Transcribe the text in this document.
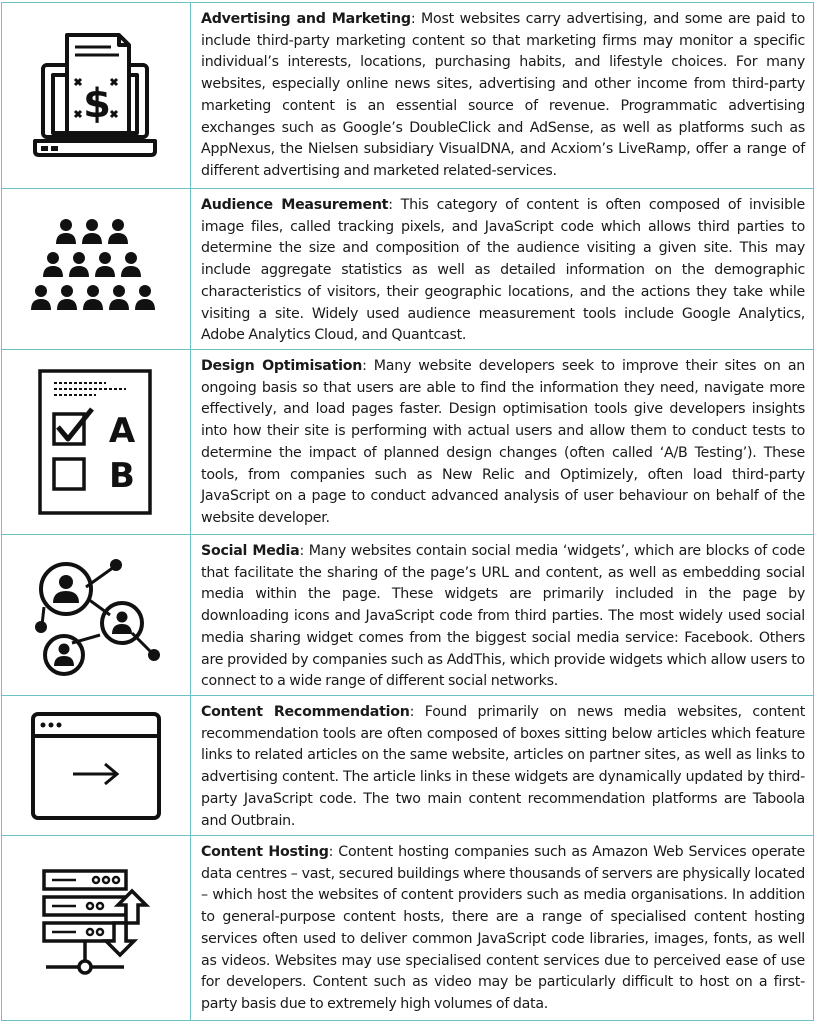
$
Advertising and Marketing: Most websites carry advertising, and some are paid to include third-party marketing content so that marketing firms may monitor a specific individual’s interests, locations, purchasing habits, and lifestyle choices. For many websites, especially online news sites, advertising and other income from third-party marketing content is an essential source of revenue. Programmatic advertising exchanges such as Google’s DoubleClick and AdSense, as well as platforms such as AppNexus, the Nielsen subsidiary VisualDNA, and Acxiom’s LiveRamp, offer a range of different advertising and marketed related-services.
Audience Measurement: This category of content is often composed of invisible image files, called tracking pixels, and JavaScript code which allows third parties to determine the size and composition of the audience visiting a given site. This may include aggregate statistics as well as detailed information on the demographic characteristics of visitors, their geographic locations, and the actions they take while visiting a site. Widely used audience measurement tools include Google Analytics, Adobe Analytics Cloud, and Quantcast.
A
B
Design Optimisation: Many website developers seek to improve their sites on an ongoing basis so that users are able to find the information they need, navigate more effectively, and load pages faster. Design optimisation tools give developers insights into how their site is performing with actual users and allow them to conduct tests to determine the impact of planned design changes (often called ‘A/B Testing’). These tools, from companies such as New Relic and Optimizely, often load third-party JavaScript on a page to conduct advanced analysis of user behaviour on behalf of the website developer.
Social Media: Many websites contain social media ‘widgets’, which are blocks of code that facilitate the sharing of the page’s URL and content, as well as embedding social media within the page. These widgets are primarily included in the page by downloading icons and JavaScript code from third parties. The most widely used social media sharing widget comes from the biggest social media service: Facebook. Others are provided by companies such as AddThis, which provide widgets which allow users to connect to a wide range of different social networks.
Content Recommendation: Found primarily on news media websites, content recommendation tools are often composed of boxes sitting below articles which feature links to related articles on the same website, articles on partner sites, as well as links to advertising content. The article links in these widgets are dynamically updated by third-party JavaScript code. The two main content recommendation platforms are Taboola and Outbrain.
Content Hosting: Content hosting companies such as Amazon Web Services operate data centres – vast, secured buildings where thousands of servers are physically located – which host the websites of content providers such as media organisations. In addition to general-purpose content hosts, there are a range of specialised content hosting services often used to deliver common JavaScript code libraries, images, fonts, as well as videos. Websites may use specialised content services due to perceived ease of use for developers. Content such as video may be particularly difficult to host on a first-party basis due to extremely high volumes of data.
